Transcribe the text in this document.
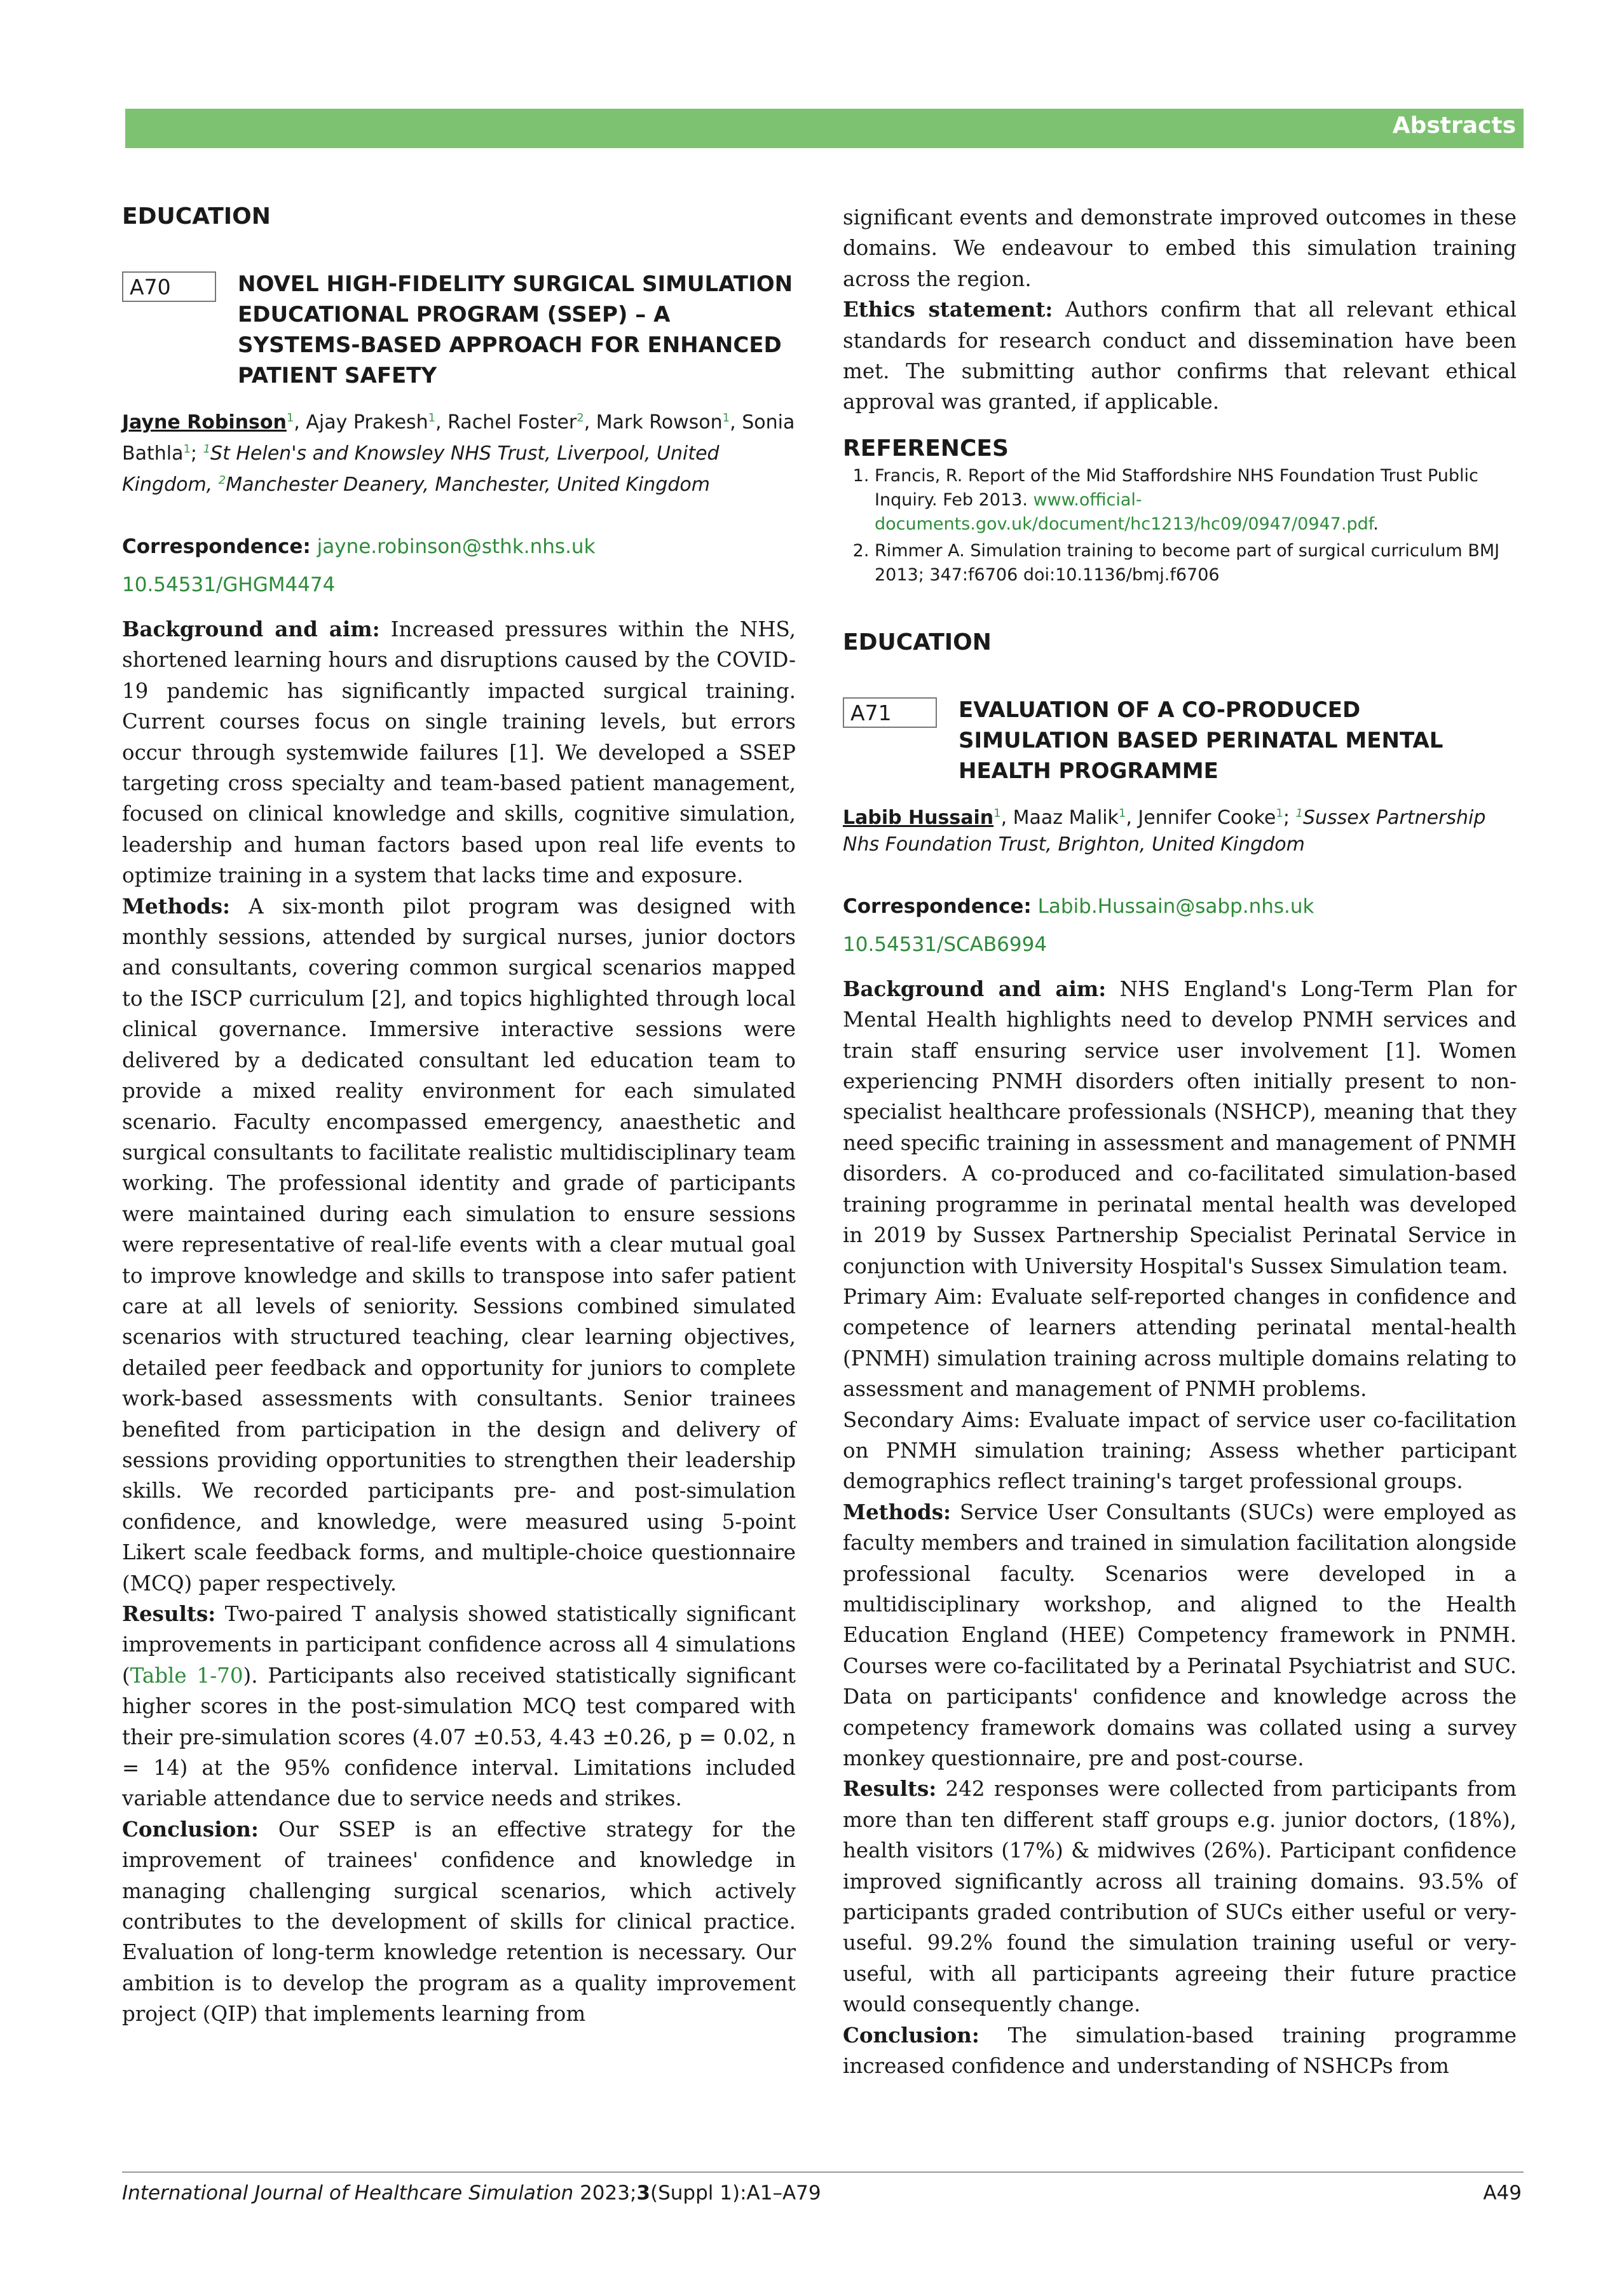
Abstracts
EDUCATION
A70	NOVEL HIGH-FIDELITY SURGICAL SIMULATION EDUCATIONAL PROGRAM (SSEP) – A SYSTEMS-BASED APPROACH FOR ENHANCED PATIENT SAFETY
Jayne Robinson$^1$, Ajay Prakesh$^1$, Rachel Foster$^2$, Mark Rowson$^1$, Sonia Bathla$^1$; $^1$St Helen's and Knowsley NHS Trust, Liverpool, United Kingdom, $^2$Manchester Deanery, Manchester, United Kingdom
Correspondence: jayne.robinson@sthk.nhs.uk
10.54531/GHGM4474

Background and aim: Increased pressures within the NHS, shortened learning hours and disruptions caused by the COVID-19 pandemic has significantly impacted surgical training. Current courses focus on single training levels, but errors occur through systemwide failures [1]. We developed a SSEP targeting cross specialty and team-based patient management, focused on clinical knowledge and skills, cognitive simulation, leadership and human factors based upon real life events to optimize training in a system that lacks time and exposure.

Methods: A six-month pilot program was designed with monthly sessions, attended by surgical nurses, junior doctors and consultants, covering common surgical scenarios mapped to the ISCP curriculum [2], and topics highlighted through local clinical governance. Immersive interactive sessions were delivered by a dedicated consultant led education team to provide a mixed reality environment for each simulated scenario. Faculty encompassed emergency, anaesthetic and surgical consultants to facilitate realistic multidisciplinary team working. The professional identity and grade of participants were maintained during each simulation to ensure sessions were representative of real-life events with a clear mutual goal to improve knowledge and skills to transpose into safer patient care at all levels of seniority. Sessions combined simulated scenarios with structured teaching, clear learning objectives, detailed peer feedback and opportunity for juniors to complete work-based assessments with consultants. Senior trainees benefited from participation in the design and delivery of sessions providing opportunities to strengthen their leadership skills. We recorded participants pre- and post-simulation confidence, and knowledge, were measured using 5-point Likert scale feedback forms, and multiple-choice questionnaire (MCQ) paper respectively.

Results: Two-paired T analysis showed statistically significant improvements in participant confidence across all 4 simulations (Table 1-70). Participants also received statistically significant higher scores in the post-simulation MCQ test compared with their pre-simulation scores (4.07 ±0.53, 4.43 ±0.26, p = 0.02, n = 14) at the 95% confidence interval. Limitations included variable attendance due to service needs and strikes.

Conclusion: Our SSEP is an effective strategy for the improvement of trainees' confidence and knowledge in managing challenging surgical scenarios, which actively contributes to the development of skills for clinical practice. Evaluation of long-term knowledge retention is necessary. Our ambition is to develop the program as a quality improvement project (QIP) that implements learning from

significant events and demonstrate improved outcomes in these domains. We endeavour to embed this simulation training across the region.

Ethics statement: Authors confirm that all relevant ethical standards for research conduct and dissemination have been met. The submitting author confirms that relevant ethical approval was granted, if applicable.

REFERENCES
1. Francis, R. Report of the Mid Staffordshire NHS Foundation Trust Public Inquiry. Feb 2013. www.official-documents.gov.uk/document/hc1213/hc09/0947/0947.pdf.
2. Rimmer A. Simulation training to become part of surgical curriculum BMJ 2013; 347:f6706 doi:10.1136/bmj.f6706
EDUCATION
A71	EVALUATION OF A CO-PRODUCED SIMULATION BASED PERINATAL MENTAL HEALTH PROGRAMME
Labib Hussain$^1$, Maaz Malik$^1$, Jennifer Cooke$^1$; $^1$Sussex Partnership Nhs Foundation Trust, Brighton, United Kingdom
Correspondence: Labib.Hussain@sabp.nhs.uk
10.54531/SCAB6994

Background and aim: NHS England's Long-Term Plan for Mental Health highlights need to develop PNMH services and train staff ensuring service user involvement [1]. Women experiencing PNMH disorders often initially present to non-specialist healthcare professionals (NSHCP), meaning that they need specific training in assessment and management of PNMH disorders. A co-produced and co-facilitated simulation-based training programme in perinatal mental health was developed in 2019 by Sussex Partnership Specialist Perinatal Service in conjunction with University Hospital's Sussex Simulation team.

Primary Aim: Evaluate self-reported changes in confidence and competence of learners attending perinatal mental-health (PNMH) simulation training across multiple domains relating to assessment and management of PNMH problems.

Secondary Aims: Evaluate impact of service user co-facilitation on PNMH simulation training; Assess whether participant demographics reflect training's target professional groups.

Methods: Service User Consultants (SUCs) were employed as faculty members and trained in simulation facilitation alongside professional faculty. Scenarios were developed in a multidisciplinary workshop, and aligned to the Health Education England (HEE) Competency framework in PNMH. Courses were co-facilitated by a Perinatal Psychiatrist and SUC. Data on participants' confidence and knowledge across the competency framework domains was collated using a survey monkey questionnaire, pre and post-course.

Results: 242 responses were collected from participants from more than ten different staff groups e.g. junior doctors, (18%), health visitors (17%) & midwives (26%). Participant confidence improved significantly across all training domains. 93.5% of participants graded contribution of SUCs either useful or very-useful. 99.2% found the simulation training useful or very-useful, with all participants agreeing their future practice would consequently change.

Conclusion: The simulation-based training programme increased confidence and understanding of NSHCPs from

International Journal of Healthcare Simulation 2023;3(Suppl 1):A1–A79	A49
